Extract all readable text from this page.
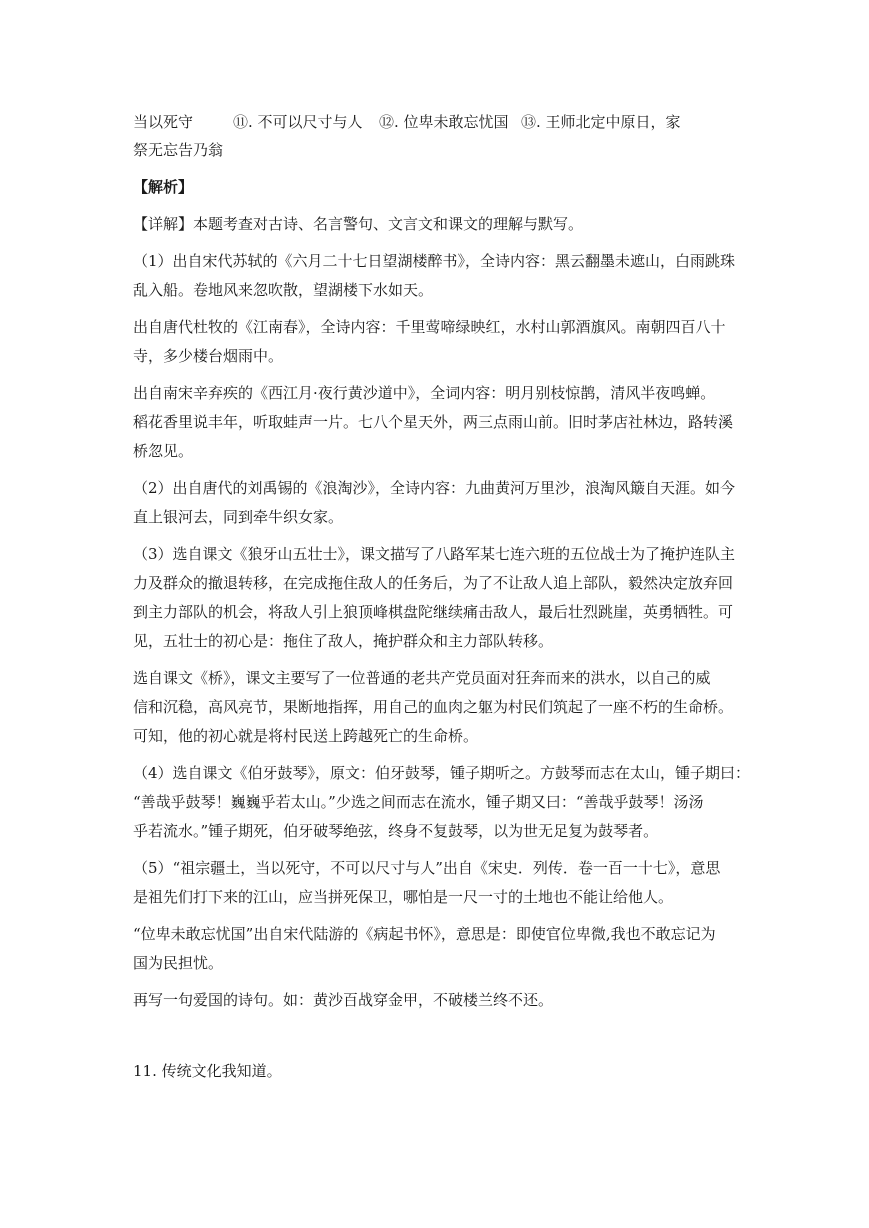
当以死守	⑪. 不可以尺寸与人	⑫. 位卑未敢忘忧国 ⑬. 王师北定中原日，家
祭无忘告乃翁
【解析】
【详解】本题考查对古诗、名言警句、文言文和课文的理解与默写。
（1）出自宋代苏轼的《六月二十七日望湖楼醉书》，全诗内容：黑云翻墨未遮山，白雨跳珠
乱入船。卷地风来忽吹散，望湖楼下水如天。
出自唐代杜牧的《江南春》，全诗内容：千里莺啼绿映红，水村山郭酒旗风。南朝四百八十
寺，多少楼台烟雨中。
出自南宋辛弃疾的《西江月·夜行黄沙道中》，全词内容：明月别枝惊鹊，清风半夜鸣蝉。
稻花香里说丰年，听取蛙声一片。七八个星天外，两三点雨山前。旧时茅店社林边，路转溪
桥忽见。
（2）出自唐代的刘禹锡的《浪淘沙》，全诗内容：九曲黄河万里沙，浪淘风簸自天涯。如今
直上银河去，同到牵牛织女家。
（3）选自课文《狼牙山五壮士》，课文描写了八路军某七连六班的五位战士为了掩护连队主
力及群众的撤退转移，在完成拖住敌人的任务后，为了不让敌人追上部队，毅然决定放弃回
到主力部队的机会，将敌人引上狼顶峰棋盘陀继续痛击敌人，最后壮烈跳崖，英勇牺牲。可
见，五壮士的初心是：拖住了敌人，掩护群众和主力部队转移。
选自课文《桥》，课文主要写了一位普通的老共产党员面对狂奔而来的洪水，以自己的威
信和沉稳，高风亮节，果断地指挥，用自己的血肉之躯为村民们筑起了一座不朽的生命桥。
可知，他的初心就是将村民送上跨越死亡的生命桥。
（4）选自课文《伯牙鼓琴》，原文：伯牙鼓琴，锺子期听之。方鼓琴而志在太山，锺子期曰：
“善哉乎鼓琴！巍巍乎若太山。”少选之间而志在流水，锺子期又曰：“善哉乎鼓琴！汤汤
乎若流水。”锺子期死，伯牙破琴绝弦，终身不复鼓琴，以为世无足复为鼓琴者。
（5）“祖宗疆土，当以死守，不可以尺寸与人”出自《宋史．列传．卷一百一十七》，意思
是祖先们打下来的江山，应当拼死保卫，哪怕是一尺一寸的土地也不能让给他人。
“位卑未敢忘忧国”出自宋代陆游的《病起书怀》，意思是：即使官位卑微,我也不敢忘记为
国为民担忧。
再写一句爱国的诗句。如：黄沙百战穿金甲，不破楼兰终不还。
11. 传统文化我知道。
